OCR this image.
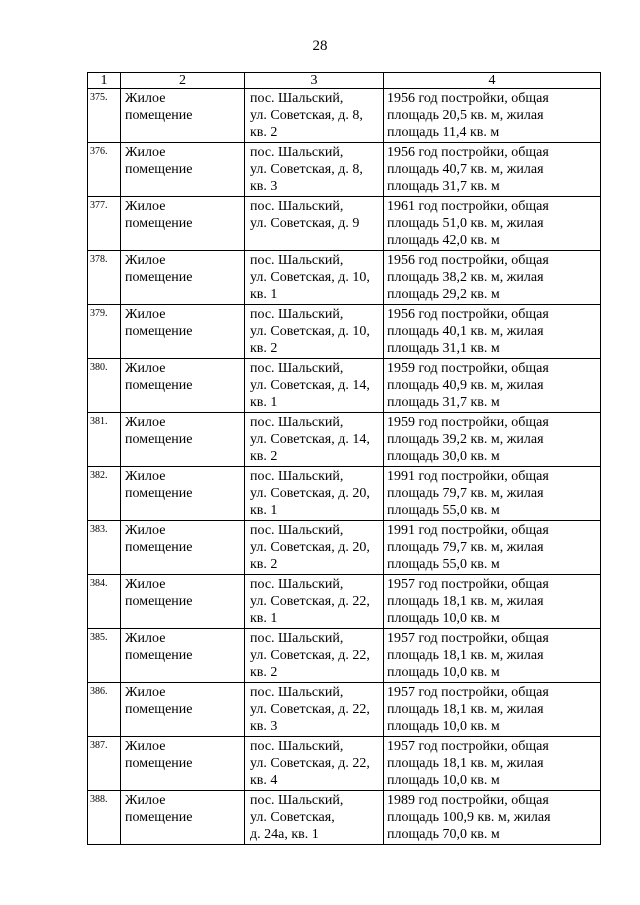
28
1	2	3	4
375.	Жилое
помещение	пос. Шальский,
ул. Советская, д. 8,
кв. 2	1956 год постройки, общая
площадь 20,5 кв. м, жилая
площадь 11,4 кв. м

376.	Жилое
помещение	пос. Шальский,
ул. Советская, д. 8,
кв. 3	1956 год постройки, общая
площадь 40,7 кв. м, жилая
площадь 31,7 кв. м

377.	Жилое
помещение	пос. Шальский,
ул. Советская, д. 9	1961 год постройки, общая
площадь 51,0 кв. м, жилая
площадь 42,0 кв. м

378.	Жилое
помещение	пос. Шальский,
ул. Советская, д. 10,
кв. 1	1956 год постройки, общая
площадь 38,2 кв. м, жилая
площадь 29,2 кв. м

379.	Жилое
помещение	пос. Шальский,
ул. Советская, д. 10,
кв. 2	1956 год постройки, общая
площадь 40,1 кв. м, жилая
площадь 31,1 кв. м

380.	Жилое
помещение	пос. Шальский,
ул. Советская, д. 14,
кв. 1	1959 год постройки, общая
площадь 40,9 кв. м, жилая
площадь 31,7 кв. м

381.	Жилое
помещение	пос. Шальский,
ул. Советская, д. 14,
кв. 2	1959 год постройки, общая
площадь 39,2 кв. м, жилая
площадь 30,0 кв. м

382.	Жилое
помещение	пос. Шальский,
ул. Советская, д. 20,
кв. 1	1991 год постройки, общая
площадь 79,7 кв. м, жилая
площадь 55,0 кв. м

383.	Жилое
помещение	пос. Шальский,
ул. Советская, д. 20,
кв. 2	1991 год постройки, общая
площадь 79,7 кв. м, жилая
площадь 55,0 кв. м

384.	Жилое
помещение	пос. Шальский,
ул. Советская, д. 22,
кв. 1	1957 год постройки, общая
площадь 18,1 кв. м, жилая
площадь 10,0 кв. м

385.	Жилое
помещение	пос. Шальский,
ул. Советская, д. 22,
кв. 2	1957 год постройки, общая
площадь 18,1 кв. м, жилая
площадь 10,0 кв. м

386.	Жилое
помещение	пос. Шальский,
ул. Советская, д. 22,
кв. 3	1957 год постройки, общая
площадь 18,1 кв. м, жилая
площадь 10,0 кв. м

387.	Жилое
помещение	пос. Шальский,
ул. Советская, д. 22,
кв. 4	1957 год постройки, общая
площадь 18,1 кв. м, жилая
площадь 10,0 кв. м

388.	Жилое
помещение	пос. Шальский,
ул. Советская,
д. 24а, кв. 1	1989 год постройки, общая
площадь 100,9 кв. м, жилая
площадь 70,0 кв. м
